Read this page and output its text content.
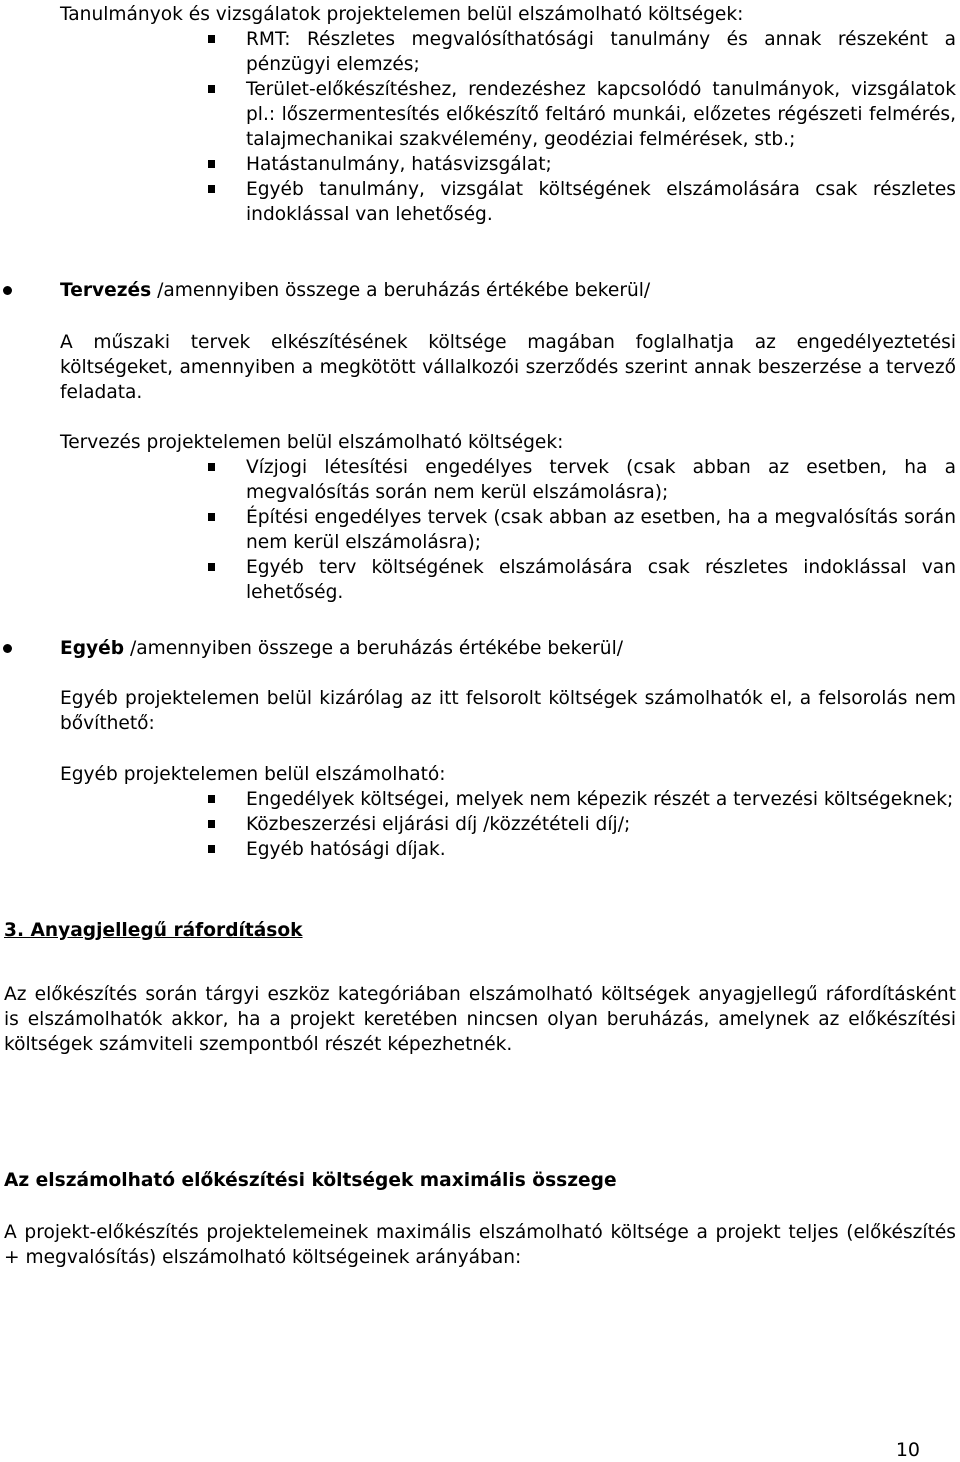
Tanulmányok és vizsgálatok projektelemen belül elszámolható költségek:
RMT: Részletes megvalósíthatósági tanulmány és annak részeként a pénzügyi elemzés;
Terület-előkészítéshez, rendezéshez kapcsolódó tanulmányok, vizsgálatok pl.: lőszermentesítés előkészítő feltáró munkái, előzetes régészeti felmérés, talajmechanikai szakvélemény, geodéziai felmérések, stb.;
Hatástanulmány, hatásvizsgálat;
Egyéb tanulmány, vizsgálat költségének elszámolására csak részletes indoklással van lehetőség.
Tervezés /amennyiben összege a beruházás értékébe bekerül/
A műszaki tervek elkészítésének költsége magában foglalhatja az engedélyeztetési költségeket, amennyiben a megkötött vállalkozói szerződés szerint annak beszerzése a tervező feladata.
Tervezés projektelemen belül elszámolható költségek:
Vízjogi létesítési engedélyes tervek (csak abban az esetben, ha a megvalósítás során nem kerül elszámolásra);
Építési engedélyes tervek (csak abban az esetben, ha a megvalósítás során nem kerül elszámolásra);
Egyéb terv költségének elszámolására csak részletes indoklással van lehetőség.
Egyéb /amennyiben összege a beruházás értékébe bekerül/
Egyéb projektelemen belül kizárólag az itt felsorolt költségek számolhatók el, a felsorolás nem bővíthető:
Egyéb projektelemen belül elszámolható:
Engedélyek költségei, melyek nem képezik részét a tervezési költségeknek;
Közbeszerzési eljárási díj /közzétételi díj/;
Egyéb hatósági díjak.
3. Anyagjellegű ráfordítások
Az előkészítés során tárgyi eszköz kategóriában elszámolható költségek anyagjellegű ráfordításként is elszámolhatók akkor, ha a projekt keretében nincsen olyan beruházás, amelynek az előkészítési költségek számviteli szempontból részét képezhetnék.
Az elszámolható előkészítési költségek maximális összege
A projekt-előkészítés projektelemeinek maximális elszámolható költsége a projekt teljes (előkészítés + megvalósítás) elszámolható költségeinek arányában:
10
